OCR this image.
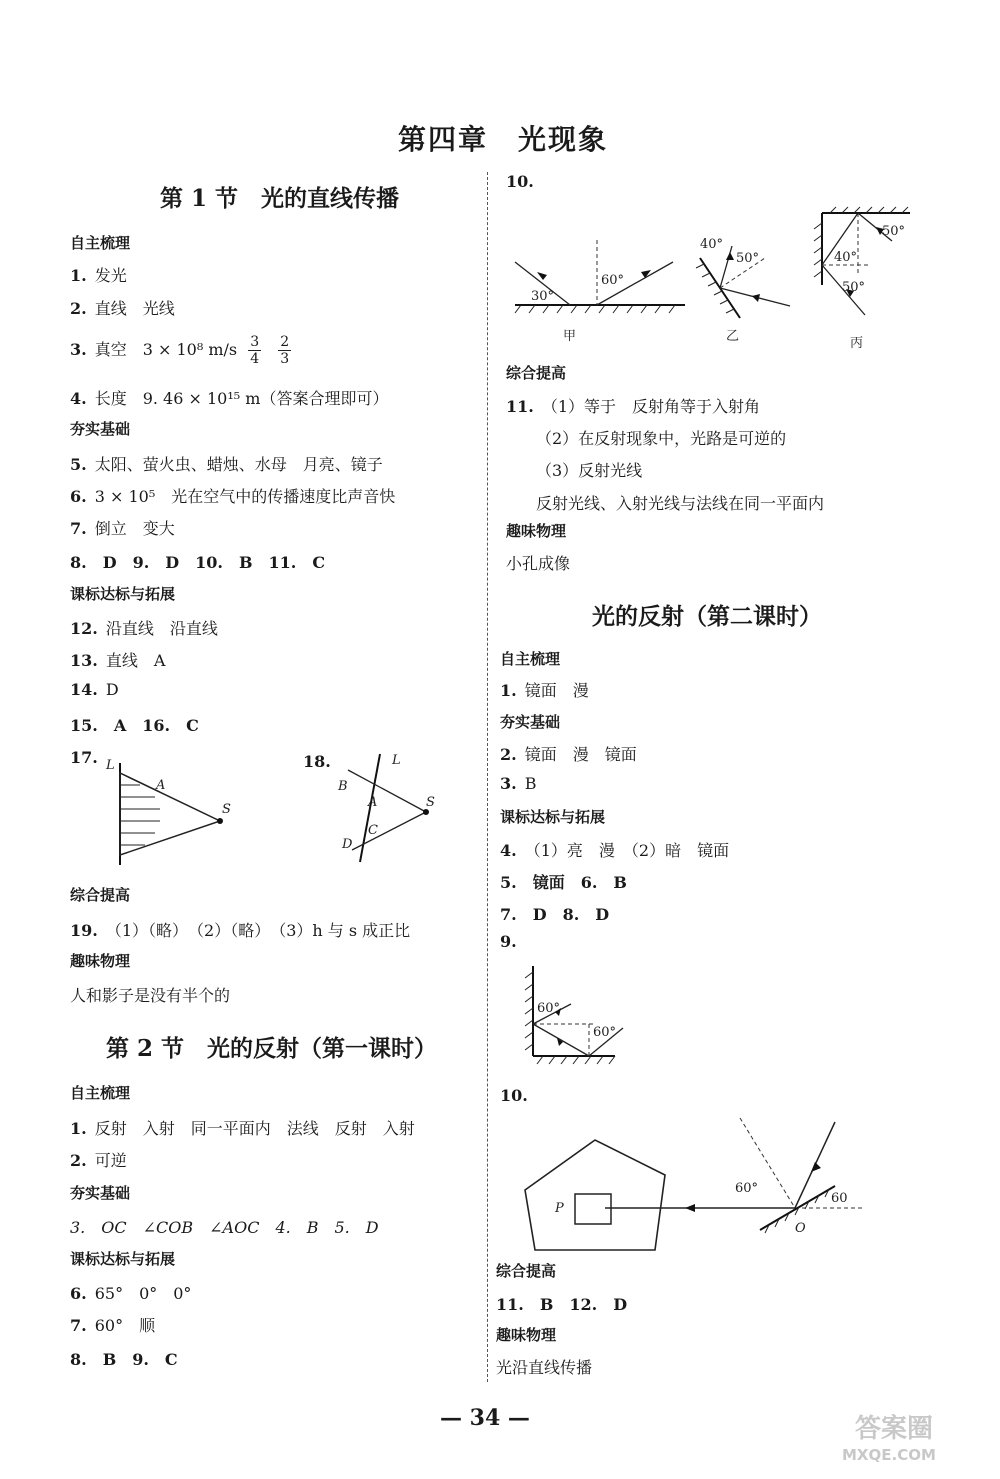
第四章　光现象
第 1 节　光的直线传播
自主梳理
1. 发光
2. 直线　光线
3. 真空　3 × 10⁸ $m/s \frac{3}{4}$
$\frac{2}{3}$
4. 长度　9. 46 × 10¹⁵ m（答案合理即可）
夯实基础
5. 太阳、萤火虫、蜡烛、水母　月亮、镜子
6. 3 × 10⁵　光在空气中的传播速度比声音快
7. 倒立　变大
8.　D　9.　D　10.　B　11.　C
课标达标与拓展
12. 沿直线　沿直线
13. 直线　A
14. D
15.　A　16.　C
17. L
A
S
18.	L
B
A
C
D
S
综合提高
19. （1）（略）　（2）（略）　（3）h 与 s 成正比
趣味物理
人和影子是没有半个的
第 2 节　光的反射（第一课时）
自主梳理
1. 反射　入射　同一平面内　法线　反射　入射
2. 可逆
夯实基础
3.　OC　∠COB　∠AOC　4.　B　5.　D
课标达标与拓展
6. 65°　0°　0°
7. 60°　顺
8.　B　9.　C
10.
60°
30°
甲
40°
50°
乙
50°
40°
50°
丙
综合提高
11. （1）等于　反射角等于入射角
（2）在反射现象中，光路是可逆的
（3）反射光线
反射光线、入射光线与法线在同一平面内
趣味物理
小孔成像
光的反射（第二课时）
自主梳理
1. 镜面　漫
夯实基础
2. 镜面　漫　镜面
3. B
课标达标与拓展
4. （1）亮　漫　（2）暗　镜面
5.　镜面　6.　B
7.　D　8.　D
9.
60°
60°
10.
P
60°
60
O
综合提高
11.　B　12.　D
趣味物理
光沿直线传播
— 34 —	答案圈
MXQE.COM
